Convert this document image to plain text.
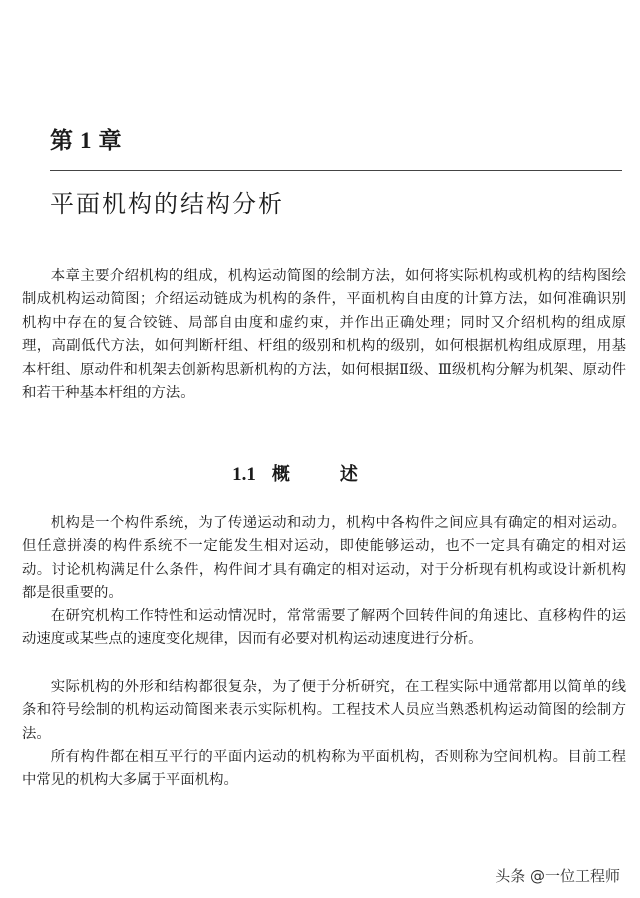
第 1 章
平面机构的结构分析

本章主要介绍机构的组成，机构运动简图的绘制方法，如何将实际机构或机构的结构图绘制成机构运动简图；介绍运动链成为机构的条件，平面机构自由度的计算方法，如何准确识别机构中存在的复合铰链、局部自由度和虚约束，并作出正确处理；同时又介绍机构的组成原理，高副低代方法，如何判断杆组、杆组的级别和机构的级别，如何根据机构组成原理，用基本杆组、原动件和机架去创新构思新机构的方法，如何根据Ⅱ级、Ⅲ级机构分解为机架、原动件和若干种基本杆组的方法。

1.1 概述

机构是一个构件系统，为了传递运动和动力，机构中各构件之间应具有确定的相对运动。但任意拼凑的构件系统不一定能发生相对运动，即使能够运动，也不一定具有确定的相对运动。讨论机构满足什么条件，构件间才具有确定的相对运动，对于分析现有机构或设计新机构都是很重要的。

在研究机构工作特性和运动情况时，常常需要了解两个回转件间的角速比、直移构件的运动速度或某些点的速度变化规律，因而有必要对机构运动速度进行分析。

实际机构的外形和结构都很复杂，为了便于分析研究，在工程实际中通常都用以简单的线条和符号绘制的机构运动简图来表示实际机构。工程技术人员应当熟悉机构运动简图的绘制方法。

所有构件都在相互平行的平面内运动的机构称为平面机构，否则称为空间机构。目前工程中常见的机构大多属于平面机构。

头条 @一位工程师
